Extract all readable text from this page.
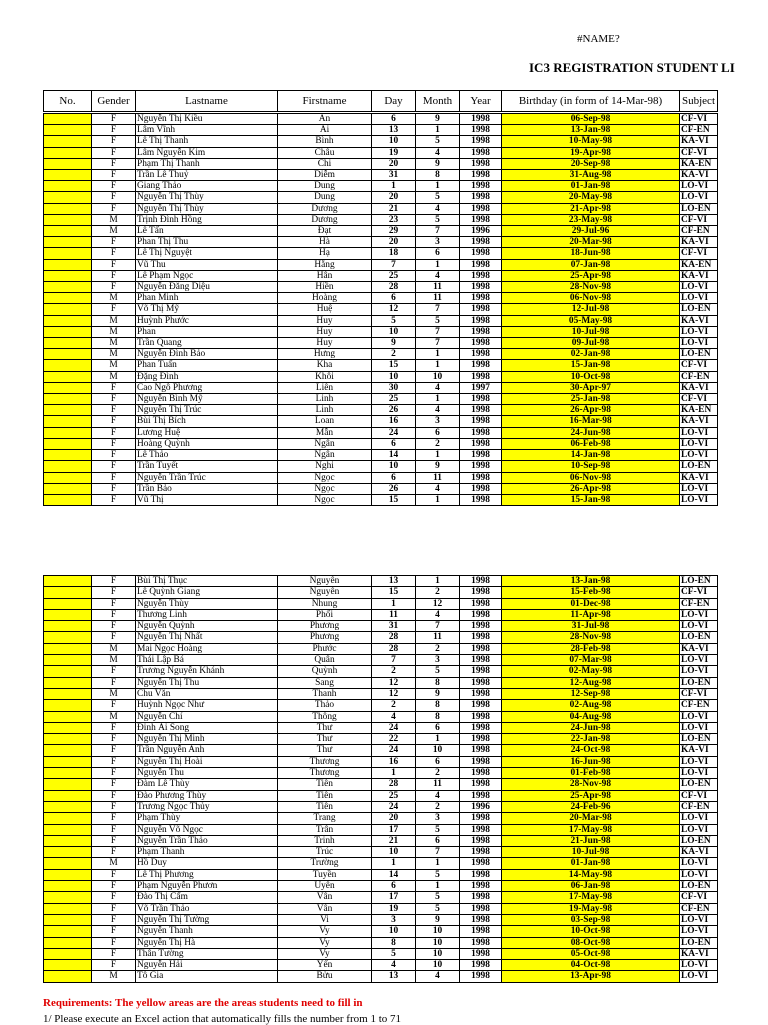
#NAME?
IC3 REGISTRATION STUDENT LI
No.	Gender	Lastname	Firstname	Day	Month	Year	Birthday (in form of 14-Mar-98)	Subject
	F	Nguyễn Thị Kiều	An	6	9	1998	06-Sep-98	CF-VI
	F	Lâm Vĩnh	Ái	13	1	1998	13-Jan-98	CF-EN
	F	Lê Thị Thanh	Bình	10	5	1998	10-May-98	KA-VI
	F	Lâm Nguyễn Kim	Châu	19	4	1998	19-Apr-98	CF-VI
	F	Phạm Thị Thanh	Chi	20	9	1998	20-Sep-98	KA-EN
	F	Trần Lê Thuỷ	Diễm	31	8	1998	31-Aug-98	KA-VI
	F	Giang Thảo	Dung	1	1	1998	01-Jan-98	LO-VI
	F	Nguyễn Thị Thùy	Dung	20	5	1998	20-May-98	LO-VI
	F	Nguyễn Thị Thùy	Dương	21	4	1998	21-Apr-98	LO-EN
	M	Trịnh Đình Hồng	Dương	23	5	1998	23-May-98	CF-VI
	M	Lê Tấn	Đạt	29	7	1996	29-Jul-96	CF-EN
	F	Phan Thị Thu	Hà	20	3	1998	20-Mar-98	KA-VI
	F	Lê Thị Nguyệt	Hạ	18	6	1998	18-Jun-98	CF-VI
	F	Vũ Thu	Hằng	7	1	1998	07-Jan-98	KA-EN
	F	Lê Phạm Ngọc	Hân	25	4	1998	25-Apr-98	KA-VI
	F	Nguyễn Đăng Diệu	Hiền	28	11	1998	28-Nov-98	LO-VI
	M	Phan Minh	Hoàng	6	11	1998	06-Nov-98	LO-VI
	F	Võ Thị Mỹ	Huệ	12	7	1998	12-Jul-98	LO-EN
	M	Huỳnh Phước	Huy	5	5	1998	05-May-98	KA-VI
	M	Phan	Huy	10	7	1998	10-Jul-98	LO-VI
	M	Trần Quang	Huy	9	7	1998	09-Jul-98	LO-VI
	M	Nguyễn Đình Bảo	Hưng	2	1	1998	02-Jan-98	LO-EN
	M	Phan Tuấn	Kha	15	1	1998	15-Jan-98	CF-VI
	M	Đặng Đình	Khôi	10	10	1998	10-Oct-98	CF-EN
	F	Cao Ngô Phương	Liên	30	4	1997	30-Apr-97	KA-VI
	F	Nguyễn Bình Mỹ	Linh	25	1	1998	25-Jan-98	CF-VI
	F	Nguyễn Thị Trúc	Linh	26	4	1998	26-Apr-98	KA-EN
	F	Bùi Thị Bích	Loan	16	3	1998	16-Mar-98	KA-VI
	F	Lương Huệ	Mẫn	24	6	1998	24-Jun-98	LO-VI
	F	Hoàng Quỳnh	Ngân	6	2	1998	06-Feb-98	LO-VI
	F	Lê Thảo	Ngân	14	1	1998	14-Jan-98	LO-VI
	F	Trần Tuyết	Nghi	10	9	1998	10-Sep-98	LO-EN
	F	Nguyễn Trần Trúc	Ngọc	6	11	1998	06-Nov-98	KA-VI
	F	Trần Bảo	Ngọc	26	4	1998	26-Apr-98	LO-VI
	F	Vũ Thị	Ngọc	15	1	1998	15-Jan-98	LO-VI
	F	Bùi Thị Thục	Nguyên	13	1	1998	13-Jan-98	LO-EN
	F	Lê Quỳnh Giang	Nguyên	15	2	1998	15-Feb-98	CF-VI
	F	Nguyễn Thùy	Nhung	1	12	1998	01-Dec-98	CF-EN
	F	Thương Linh	Phối	11	4	1998	11-Apr-98	LO-VI
	F	Nguyễn Quỳnh	Phương	31	7	1998	31-Jul-98	LO-VI
	F	Nguyễn Thị Nhất	Phương	28	11	1998	28-Nov-98	LO-EN
	M	Mai Ngọc Hoàng	Phước	28	2	1998	28-Feb-98	KA-VI
	M	Thái Lập Bá	Quân	7	3	1998	07-Mar-98	LO-VI
	F	Trương Nguyễn Khánh	Quỳnh	2	5	1998	02-May-98	LO-VI
	F	Nguyễn Thị Thu	Sang	12	8	1998	12-Aug-98	LO-EN
	M	Chu Văn	Thanh	12	9	1998	12-Sep-98	CF-VI
	F	Huỳnh Ngọc Như	Thảo	2	8	1998	02-Aug-98	CF-EN
	M	Nguyễn Chí	Thông	4	8	1998	04-Aug-98	LO-VI
	F	Đinh Ái Song	Thư	24	6	1998	24-Jun-98	LO-VI
	F	Nguyễn Thị Minh	Thư	22	1	1998	22-Jan-98	LO-EN
	F	Trần Nguyễn Anh	Thư	24	10	1998	24-Oct-98	KA-VI
	F	Nguyễn Thị Hoài	Thương	16	6	1998	16-Jun-98	LO-VI
	F	Nguyễn Thu	Thương	1	2	1998	01-Feb-98	LO-VI
	F	Đàm Lê Thùy	Tiên	28	11	1998	28-Nov-98	LO-EN
	F	Đào Phương Thùy	Tiên	25	4	1998	25-Apr-98	CF-VI
	F	Trương Ngọc Thủy	Tiên	24	2	1996	24-Feb-96	CF-EN
	F	Phạm Thùy	Trang	20	3	1998	20-Mar-98	LO-VI
	F	Nguyễn Võ Ngọc	Trân	17	5	1998	17-May-98	LO-VI
	F	Nguyễn Trần Thảo	Trinh	21	6	1998	21-Jun-98	LO-EN
	F	Phạm Thanh	Trúc	10	7	1998	10-Jul-98	KA-VI
	M	Hồ Duy	Trường	1	1	1998	01-Jan-98	LO-VI
	F	Lê Thị Phương	Tuyền	14	5	1998	14-May-98	LO-VI
	F	Phạm Nguyễn Phươn	Uyên	6	1	1998	06-Jan-98	LO-EN
	F	Đào Thị Cẩm	Vân	17	5	1998	17-May-98	CF-VI
	F	Võ Trần Thảo	Vân	19	5	1998	19-May-98	CF-EN
	F	Nguyễn Thị Tường	Vi	3	9	1998	03-Sep-98	LO-VI
	F	Nguyễn Thanh	Vy	10	10	1998	10-Oct-98	LO-VI
	F	Nguyễn Thị Hà	Vy	8	10	1998	08-Oct-98	LO-EN
	F	Thân Tường	Vy	5	10	1998	05-Oct-98	KA-VI
	F	Nguyễn Hải	Yến	4	10	1998	04-Oct-98	LO-VI
	M	Tô Gia	Bửu	13	4	1998	13-Apr-98	LO-VI
Requirements: The yellow areas are the areas students need to fill in
1/ Please execute an Excel action that automatically fills the number from 1 to 71
